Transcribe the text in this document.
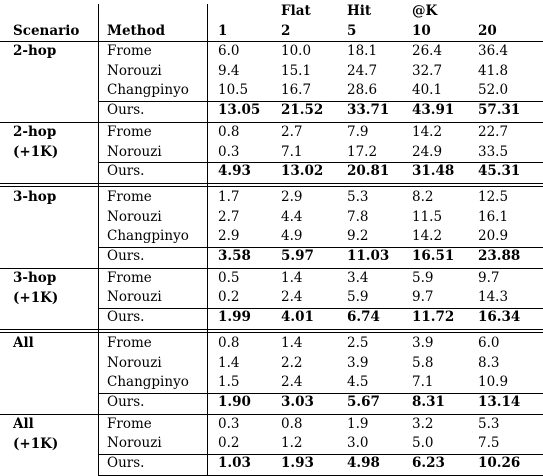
Flat	Hit	@K
Scenario Method	1	2	5	10	20
2-hop	Frome	6.0	10.0	18.1	26.4	36.4
Norouzi	9.4	15.1	24.7	32.7	41.8
Changpinyo 10.5 16.7	28.6	40.1	52.0
Ours.	13.05 21.52 33.71 43.91 57.31
2-hop
(+1K)
Frome	0.8	2.7	7.9	14.2	22.7
Norouzi	0.3	7.1	17.2	24.9	33.5
Ours.	4.93 13.02 20.81 31.48 45.31
3-hop	Frome	1.7	2.9	5.3	8.2	12.5
Norouzi	2.7	4.4	7.8	11.5	16.1
Changpinyo 2.9	4.9	9.2	14.2	20.9
Ours.	3.58 5.97 11.03 16.51 23.88
3-hop
(+1K)
Frome	0.5	1.4	3.4	5.9	9.7
Norouzi	0.2	2.4	5.9	9.7	14.3
Ours.	1.99 4.01 6.74 11.72 16.34
All	Frome	0.8	1.4	2.5	3.9	6.0
Norouzi	1.4	2.2	3.9	5.8	8.3
Changpinyo 1.5	2.4	4.5	7.1	10.9
Ours.	1.90 3.03 5.67 8.31 13.14
All
(+1K)
Frome	0.3	0.8	1.9	3.2	5.3
Norouzi	0.2	1.2	3.0	5.0	7.5
Ours.	1.03 1.93 4.98 6.23 10.26
